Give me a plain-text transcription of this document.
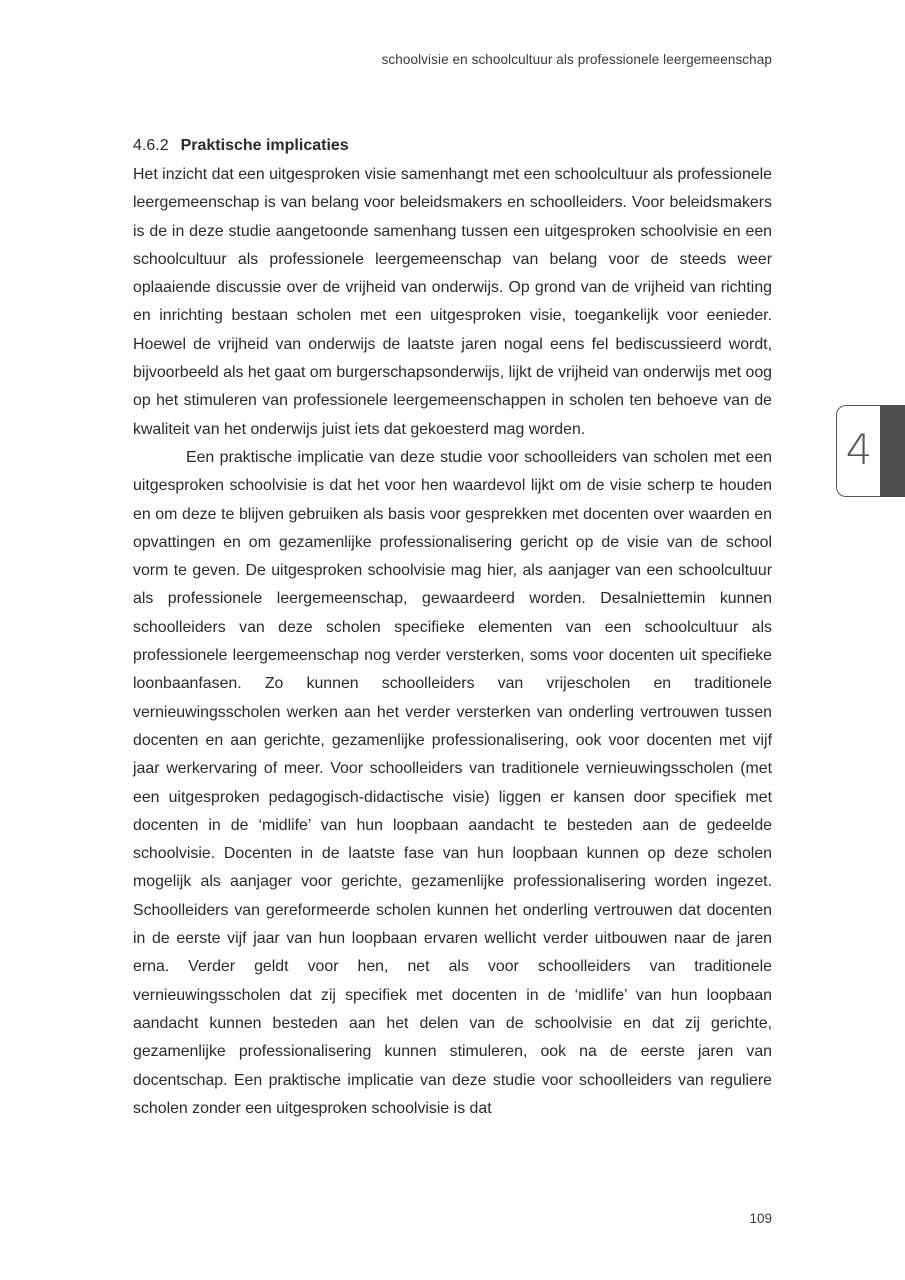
schoolvisie en schoolcultuur als professionele leergemeenschap
4.6.2 Praktische implicaties

Het inzicht dat een uitgesproken visie samenhangt met een schoolcultuur als professionele leergemeenschap is van belang voor beleidsmakers en schoolleiders. Voor beleidsmakers is de in deze studie aangetoonde samenhang tussen een uitgesproken schoolvisie en een schoolcultuur als professionele leergemeenschap van belang voor de steeds weer oplaaiende discussie over de vrijheid van onderwijs. Op grond van de vrijheid van richting en inrichting bestaan scholen met een uitgesproken visie, toegankelijk voor eenieder. Hoewel de vrijheid van onderwijs de laatste jaren nogal eens fel bediscussieerd wordt, bijvoorbeeld als het gaat om burgerschapsonderwijs, lijkt de vrijheid van onderwijs met oog op het stimuleren van professionele leergemeenschappen in scholen ten behoeve van de kwaliteit van het onderwijs juist iets dat gekoesterd mag worden.

Een praktische implicatie van deze studie voor schoolleiders van scholen met een uitgesproken schoolvisie is dat het voor hen waardevol lijkt om de visie scherp te houden en om deze te blijven gebruiken als basis voor gesprekken met docenten over waarden en opvattingen en om gezamenlijke professionalisering gericht op de visie van de school vorm te geven. De uitgesproken schoolvisie mag hier, als aanjager van een schoolcultuur als professionele leergemeenschap, gewaardeerd worden. Desalniettemin kunnen schoolleiders van deze scholen specifieke elementen van een schoolcultuur als professionele leergemeenschap nog verder versterken, soms voor docenten uit specifieke loonbaanfasen. Zo kunnen schoolleiders van vrijescholen en traditionele vernieuwingsscholen werken aan het verder versterken van onderling vertrouwen tussen docenten en aan gerichte, gezamenlijke professionalisering, ook voor docenten met vijf jaar werkervaring of meer. Voor schoolleiders van traditionele vernieuwingsscholen (met een uitgesproken pedagogisch-didactische visie) liggen er kansen door specifiek met docenten in de ‘midlife’ van hun loopbaan aandacht te besteden aan de gedeelde schoolvisie. Docenten in de laatste fase van hun loopbaan kunnen op deze scholen mogelijk als aanjager voor gerichte, gezamenlijke professionalisering worden ingezet. Schoolleiders van gereformeerde scholen kunnen het onderling vertrouwen dat docenten in de eerste vijf jaar van hun loopbaan ervaren wellicht verder uitbouwen naar de jaren erna. Verder geldt voor hen, net als voor schoolleiders van traditionele vernieuwingsscholen dat zij specifiek met docenten in de ‘midlife’ van hun loopbaan aandacht kunnen besteden aan het delen van de schoolvisie en dat zij gerichte, gezamenlijke professionalisering kunnen stimuleren, ook na de eerste jaren van docentschap. Een praktische implicatie van deze studie voor schoolleiders van reguliere scholen zonder een uitgesproken schoolvisie is dat

4
109
